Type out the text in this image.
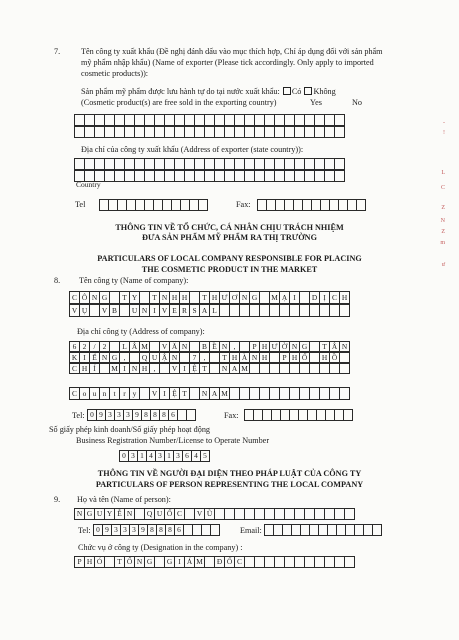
7.	Tên công ty xuất khẩu (Đề nghị đánh dấu vào mục thích hợp, Chỉ áp dụng đối với sản phẩm
mỹ phẩm nhập khẩu) (Name of exporter (Please tick accordingly. Only apply to imported
cosmetic products)):
Sản phẩm mỹ phẩm được lưu hành tự do tại nước xuất khẩu: Có Không
(Cosmetic product(s) are free sold in the exporting country)	Yes	No
Địa chỉ của công ty xuất khẩu (Address of exporter (state country)):
Country
Tel	Fax:
THÔNG TIN VỀ TỔ CHỨC, CÁ NHÂN CHỊU TRÁCH NHIỆM
ĐƯA SẢN PHẨM MỸ PHẨM RA THỊ TRƯỜNG
PARTICULARS OF LOCAL COMPANY RESPONSIBLE FOR PLACING
THE COSMETIC PRODUCT IN THE MARKET
8. Tên công ty (Name of company):
C Ô N G	T Y	T N H H	T H Ư Ơ N G	M Ạ I	D Ị C H
V Ụ	V B	U N I V E R S A L
Địa chỉ công ty (Address of company):
6 2 / 2	L Â M	V Ă N	B Ề N ,	P H Ư Ờ N G	T Â N
K I Ể N G ,	Q U Ậ N	7 ,	T H À N H	P H Ố	H Ồ
C H Í	M I N H ,	V I Ệ T	N A M
C o u n t	r y	V I Ệ T	N A M
Tel: 0 9 3 3 3 9 8 8 8 6	Fax:
Số giấy phép kinh doanh/Số giấy phép hoạt động
Business Registration Number/License to Operate Number
0 3 1 4 3 1 3 6 4 5
THÔNG TIN VỀ NGƯỜI ĐẠI DIỆN THEO PHÁP LUẬT CỦA CÔNG TY
PARTICULARS OF PERSON REPRESENTING THE LOCAL COMPANY
9. Họ và tên (Name of person):
N G U Y Ễ N	Q U Ố C	V Ũ
Tel: 0 9 3 3 3 9 8 8 8 6	Email:
Chức vụ ở công ty (Designation in the company) :
P H Ó	T Ổ N G	G I Á M	Đ Ố C
-
!
L
C
Z
N
Z
m
ư
